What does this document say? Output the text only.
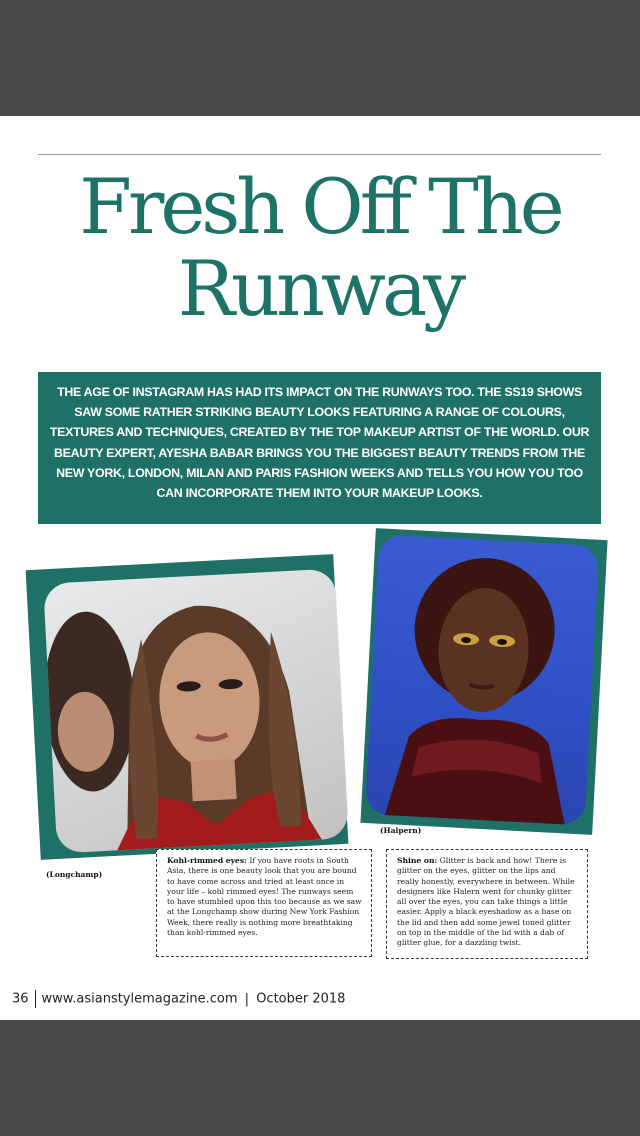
Fresh Off The
Runway
THE AGE OF INSTAGRAM HAS HAD ITS IMPACT ON THE RUNWAYS TOO. THE SS19 SHOWS SAW SOME RATHER STRIKING BEAUTY LOOKS FEATURING A RANGE OF COLOURS, TEXTURES AND TECHNIQUES, CREATED BY THE TOP MAKEUP ARTIST OF THE WORLD. OUR BEAUTY EXPERT, AYESHA BABAR BRINGS YOU THE BIGGEST BEAUTY TRENDS FROM THE NEW YORK, LONDON, MILAN AND PARIS FASHION WEEKS AND TELLS YOU HOW YOU TOO CAN INCORPORATE THEM INTO YOUR MAKEUP LOOKS.
(Longchamp)
(Halpern)
Kohl-rimmed eyes: If you have roots in South Asia, there is one beauty look that you are bound to have come across and tried at least once in your life – kohl rimmed eyes! The runways seem to have stumbled upon this too because as we saw at the Longchamp show during New York Fashion Week, there really is nothing more breathtaking than kohl-rimmed eyes.
Shine on: Glitter is back and how! There is glitter on the eyes, glitter on the lips and really honestly, everywhere in between. While designers like Halern went for chunky glitter all over the eyes, you can take things a little easier. Apply a black eyeshadow as a base on the lid and then add some jewel toned glitter on top in the middle of the lid with a dab of glitter glue, for a dazzling twist.
36 www.asianstylemagazine.com | October 2018
